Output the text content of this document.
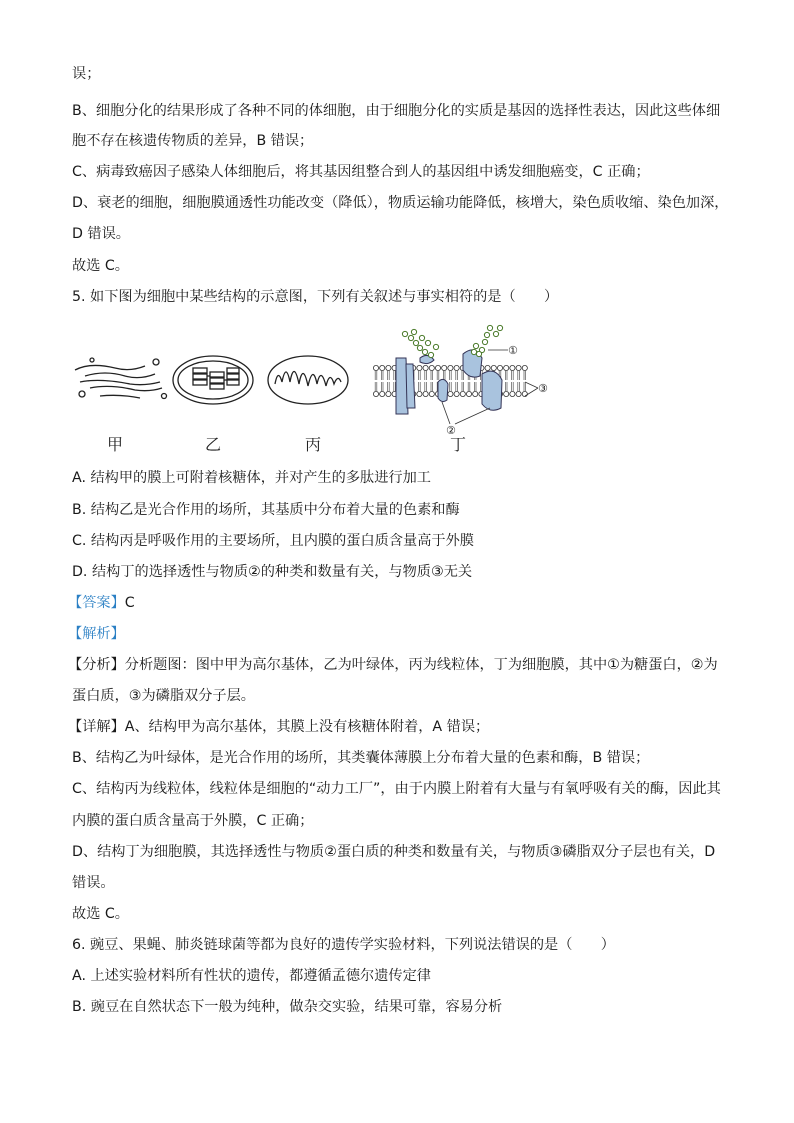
误；
B、细胞分化的结果形成了各种不同的体细胞，由于细胞分化的实质是基因的选择性表达，因此这些体细
胞不存在核遗传物质的差异，B 错误；
C、病毒致癌因子感染人体细胞后，将其基因组整合到人的基因组中诱发细胞癌变，C 正确；
D、衰老的细胞，细胞膜通透性功能改变（降低），物质运输功能降低，核增大，染色质收缩、染色加深，
D 错误。
故选 C。
5. 如下图为细胞中某些结构的示意图，下列有关叙述与事实相符的是（　　）
①
②
③
甲	乙	丙	丁
A. 结构甲的膜上可附着核糖体，并对产生的多肽进行加工
B. 结构乙是光合作用的场所，其基质中分布着大量的色素和酶
C. 结构丙是呼吸作用的主要场所，且内膜的蛋白质含量高于外膜
D. 结构丁的选择透性与物质②的种类和数量有关，与物质③无关
【答案】C
【解析】
【分析】分析题图：图中甲为高尔基体，乙为叶绿体，丙为线粒体，丁为细胞膜，其中①为糖蛋白，②为
蛋白质，③为磷脂双分子层。
【详解】A、结构甲为高尔基体，其膜上没有核糖体附着，A 错误；
B、结构乙为叶绿体，是光合作用的场所，其类囊体薄膜上分布着大量的色素和酶，B 错误；
C、结构丙为线粒体，线粒体是细胞的“动力工厂”，由于内膜上附着有大量与有氧呼吸有关的酶，因此其
内膜的蛋白质含量高于外膜，C 正确；
D、结构丁为细胞膜，其选择透性与物质②蛋白质的种类和数量有关，与物质③磷脂双分子层也有关，D
错误。
故选 C。
6. 豌豆、果蝇、肺炎链球菌等都为良好的遗传学实验材料，下列说法错误的是（　　）
A. 上述实验材料所有性状的遗传，都遵循孟德尔遗传定律
B. 豌豆在自然状态下一般为纯种，做杂交实验，结果可靠，容易分析
